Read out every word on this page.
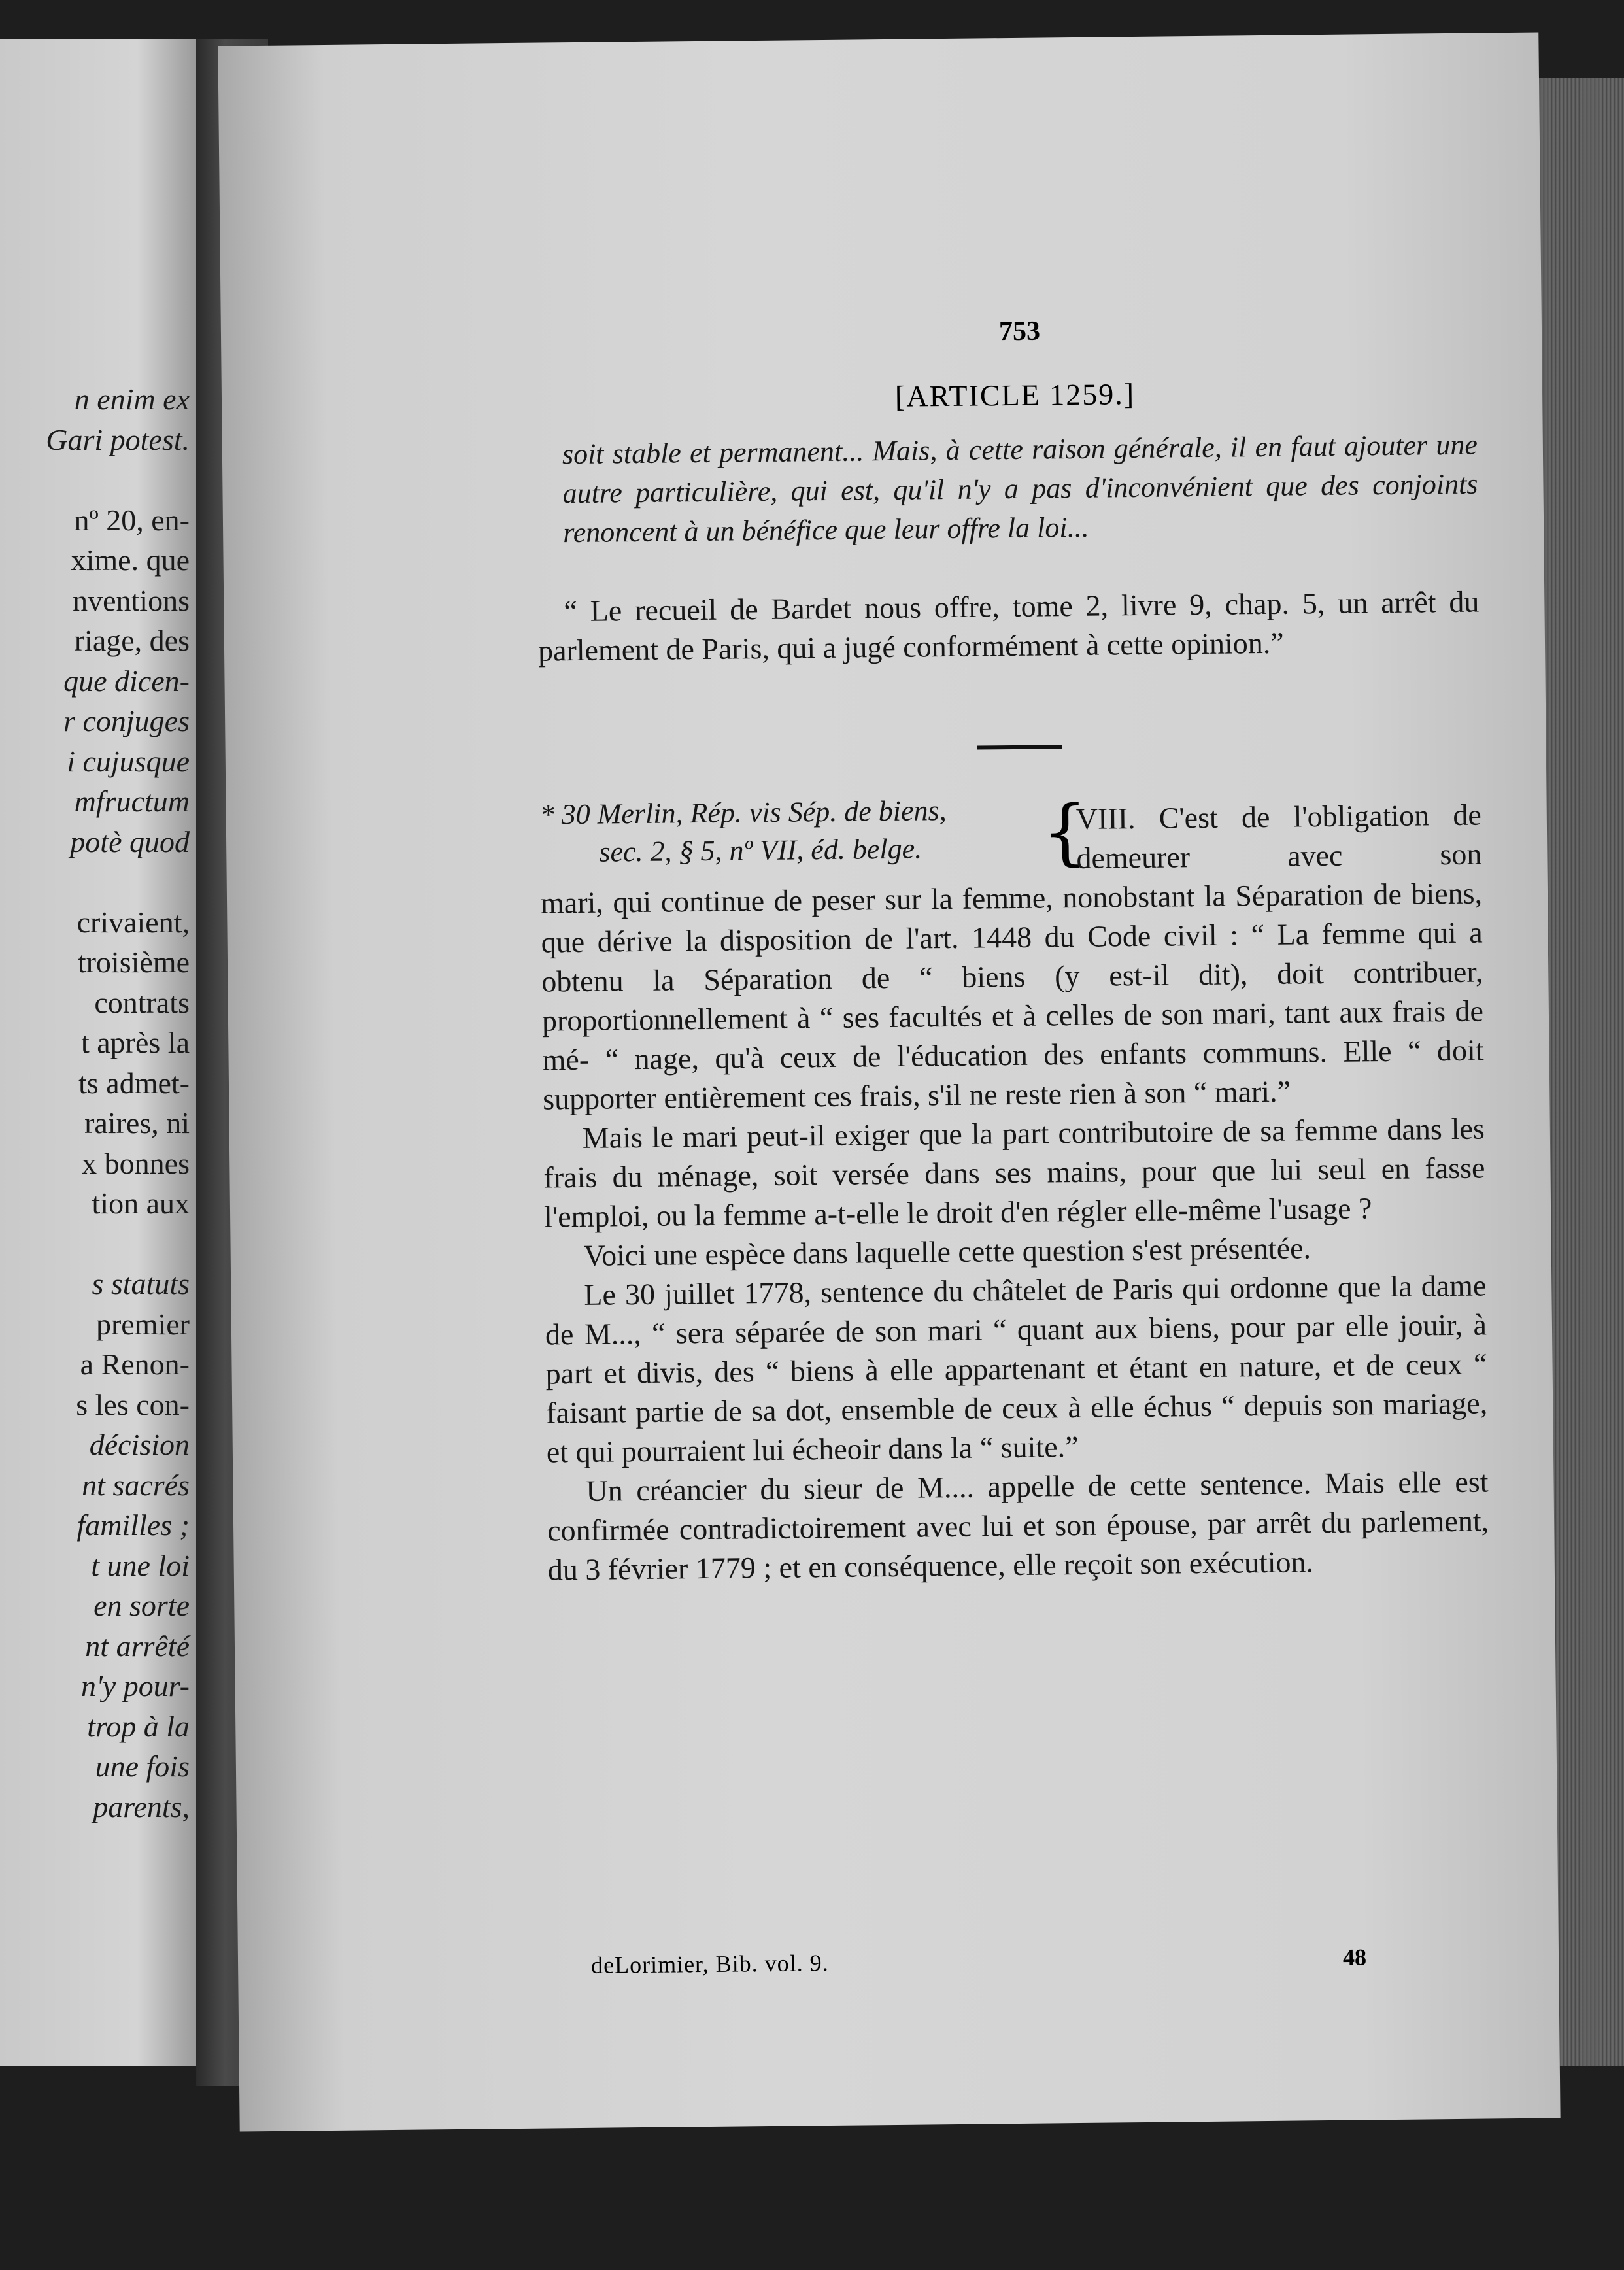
n enim ex
Gari potest.
nº 20, en-
xime. que
nventions
riage, des
que dicen-
r conjuges
i cujusque
mfructum
potè quod
crivaient,
troisième
contrats
t après la
ts admet-
raires, ni
x bonnes
tion aux
s statuts
premier
a Renon-
s les con-
décision
nt sacrés
familles ;
t une loi
en sorte
nt arrêté
n'y pour-
trop à la
une fois
parents,
753
[ARTICLE 1259.]

soit stable et permanent... Mais, à cette raison générale, il en faut ajouter une autre particulière, qui est, qu'il n'y a pas d'inconvénient que des conjoints renoncent à un bénéfice que leur offre la loi...

“ Le recueil de Bardet nous offre, tome 2, livre 9, chap. 5, un arrêt du parlement de Paris, qui a jugé conformément à cette opinion.”

* 30 Merlin, Rép. vis Sép. de biens,
sec. 2, § 5, nº VII, éd. belge.	{
VIII. C'est de l'obligation de demeurer avec son

mari, qui continue de peser sur la femme, nonobstant la Séparation de biens, que dérive la disposition de l'art. 1448 du Code civil : “ La femme qui a obtenu la Séparation de “ biens (y est-il dit), doit contribuer, proportionnellement à “ ses facultés et à celles de son mari, tant aux frais de mé- “ nage, qu'à ceux de l'éducation des enfants communs. Elle “ doit supporter entièrement ces frais, s'il ne reste rien à son “ mari.”

Mais le mari peut-il exiger que la part contributoire de sa femme dans les frais du ménage, soit versée dans ses mains, pour que lui seul en fasse l'emploi, ou la femme a-t-elle le droit d'en régler elle-même l'usage ?

Voici une espèce dans laquelle cette question s'est présentée.

Le 30 juillet 1778, sentence du châtelet de Paris qui ordonne que la dame de M..., “ sera séparée de son mari “ quant aux biens, pour par elle jouir, à part et divis, des “ biens à elle appartenant et étant en nature, et de ceux “ faisant partie de sa dot, ensemble de ceux à elle échus “ depuis son mariage, et qui pourraient lui écheoir dans la “ suite.”

Un créancier du sieur de M.... appelle de cette sentence. Mais elle est confirmée contradictoirement avec lui et son épouse, par arrêt du parlement, du 3 février 1779 ; et en conséquence, elle reçoit son exécution.

deLorimier, Bib. vol. 9.	48
